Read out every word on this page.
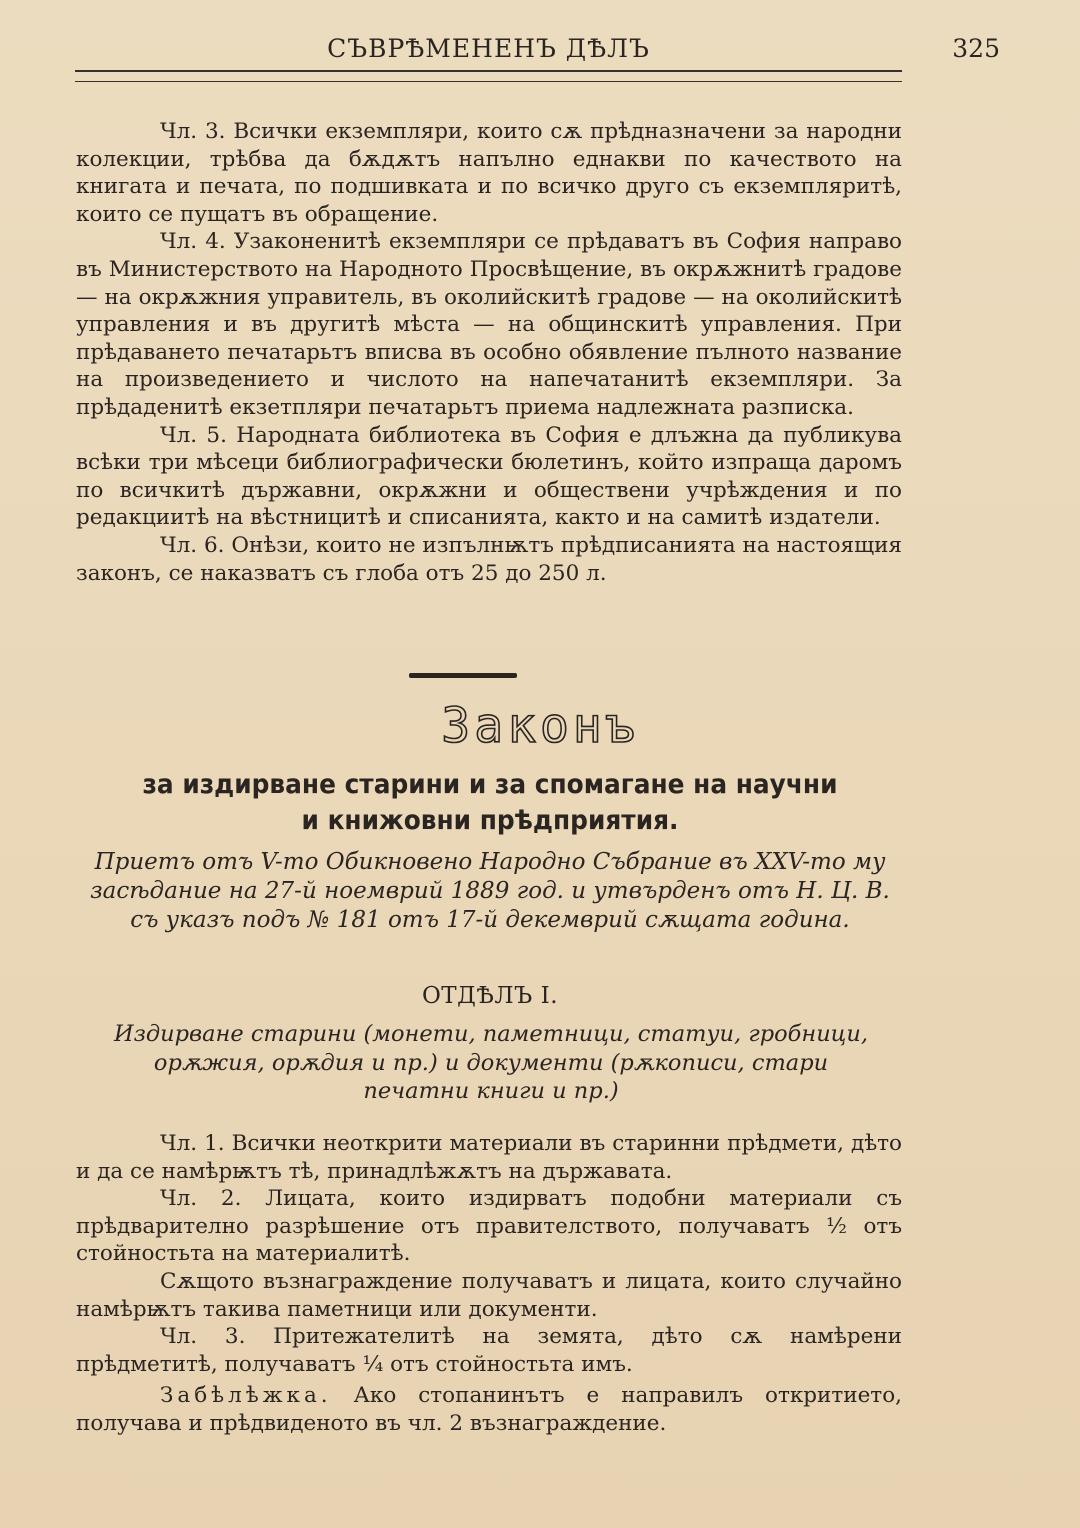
СЪВРѢМЕНЕНЪ ДѢЛЪ	325

Чл. 3. Всички екземпляри, които сѫ прѣдназначени за народни колекции, трѣбва да бѫдѫтъ напълно еднакви по качеството на книгата и печата, по подшивката и по всичко друго съ екземпляритѣ, които се пущатъ въ обращение.

Чл. 4. Узаконенитѣ екземпляри се прѣдаватъ въ София направо въ Министерството на Народното Просвѣщение, въ окрѫжнитѣ градове — на окрѫжния управитель, въ околийскитѣ градове — на околийскитѣ управления и въ другитѣ мѣста — на общинскитѣ управления. При прѣдаването печатарьтъ вписва въ особно обявление пълното название на произведението и числото на напечатанитѣ екземпляри. За прѣдаденитѣ екзетпляри печатарьтъ приема надлежната разписка.

Чл. 5. Народната библиотека въ София е длъжна да публикува всѣки три мѣсеци библиографически бюлетинъ, който изпраща даромъ по всичкитѣ държавни, окрѫжни и обществени учрѣждения и по редакциитѣ на вѣстницитѣ и списанията, както и на самитѣ издатели.

Чл. 6. Онѣзи, които не изпълнѭтъ прѣдписанията на настоящия законъ, се наказватъ съ глоба отъ 25 до 250 л.

Законъ
за издирване старини и за спомагане на научни
и книжовни прѣдприятия.
Приетъ отъ V-то Обикновено Народно Събрание въ XXV-то му засѣдание на 27-й ноемврий 1889 год. и утвърденъ отъ Н. Ц. В. съ указъ подъ № 181 отъ 17-й декемврий сѫщата година.
ОТДѢЛЪ I.
Издирване старини (монети, паметници, статуи, гробници, орѫжия, орѫдия и пр.) и документи (рѫкописи, стари печатни книги и пр.)

Чл. 1. Всички неоткрити материали въ старинни прѣдмети, дѣто и да се намѣрѭтъ тѣ, принадлѣжѫтъ на държавата.

Чл. 2. Лицата, които издирватъ подобни материали съ прѣдварително разрѣшение отъ правителството, получаватъ ½ отъ стойностьта на материалитѣ.

Сѫщото възнаграждение получаватъ и лицата, които случайно намѣрѭтъ такива паметници или документи.

Чл. 3. Притежателитѣ на земята, дѣто сѫ намѣрени прѣдметитѣ, получаватъ ¼ отъ стойностьта имъ.

Забѣлѣжка. Ако стопанинътъ е направилъ откритието, получава и прѣдвиденото въ чл. 2 възнаграждение.
